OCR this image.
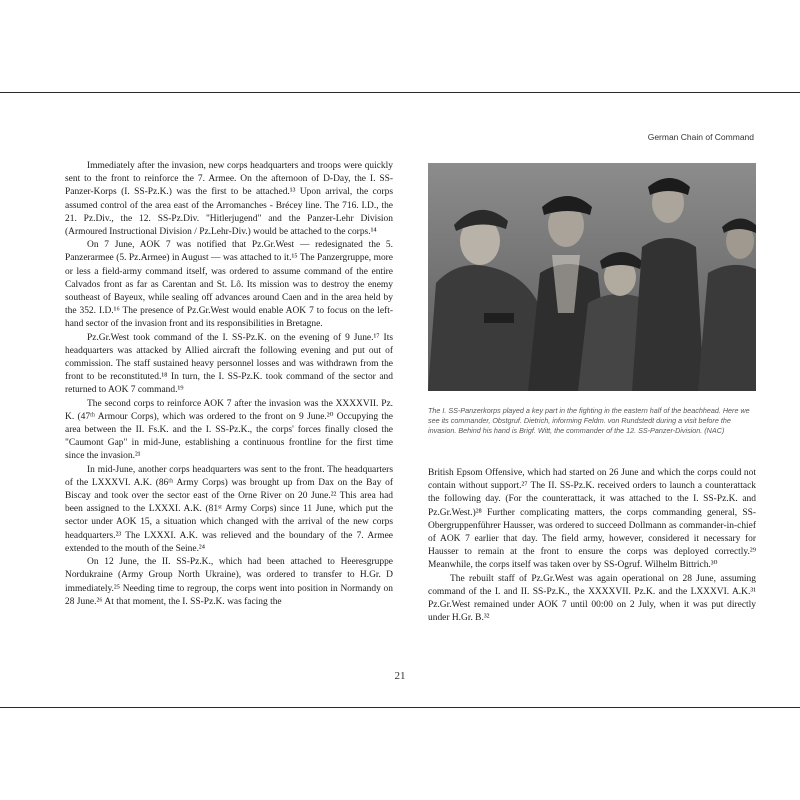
German Chain of Command

Immediately after the invasion, new corps headquarters and troops were quickly sent to the front to reinforce the 7. Armee. On the afternoon of D-Day, the I. SS-Panzer-Korps (I. SS-Pz.K.) was the first to be attached.¹³ Upon arrival, the corps assumed control of the area east of the Arromanches - Brécey line. The 716. I.D., the 21. Pz.Div., the 12. SS-Pz.Div. "Hitlerjugend" and the Panzer-Lehr Division (Armoured Instructional Division / Pz.Lehr-Div.) would be attached to the corps.¹⁴

On 7 June, AOK 7 was notified that Pz.Gr.West — redesignated the 5. Panzerarmee (5. Pz.Armee) in August — was attached to it.¹⁵ The Panzergruppe, more or less a field-army command itself, was ordered to assume command of the entire Calvados front as far as Carentan and St. Lô. Its mission was to destroy the enemy southeast of Bayeux, while sealing off advances around Caen and in the area held by the 352. I.D.¹⁶ The presence of Pz.Gr.West would enable AOK 7 to focus on the left-hand sector of the invasion front and its responsibilities in Bretagne.

Pz.Gr.West took command of the I. SS-Pz.K. on the evening of 9 June.¹⁷ Its headquarters was attacked by Allied aircraft the following evening and put out of commission. The staff sustained heavy personnel losses and was withdrawn from the front to be reconstituted.¹⁸ In turn, the I. SS-Pz.K. took command of the sector and returned to AOK 7 command.¹⁹

The second corps to reinforce AOK 7 after the invasion was the XXXXVII. Pz. K. (47ᵗʰ Armour Corps), which was ordered to the front on 9 June.²⁰ Occupying the area between the II. Fs.K. and the I. SS-Pz.K., the corps' forces finally closed the "Caumont Gap" in mid-June, establishing a continuous frontline for the first time since the invasion.²¹

In mid-June, another corps headquarters was sent to the front. The headquarters of the LXXXVI. A.K. (86ᵗʰ Army Corps) was brought up from Dax on the Bay of Biscay and took over the sector east of the Orne River on 20 June.²² This area had been assigned to the LXXXI. A.K. (81ˢᵗ Army Corps) since 11 June, which put the sector under AOK 15, a situation which changed with the arrival of the new corps headquarters.²³ The LXXXI. A.K. was relieved and the boundary of the 7. Armee extended to the mouth of the Seine.²⁴

On 12 June, the II. SS-Pz.K., which had been attached to Heeresgruppe Nordukraine (Army Group North Ukraine), was ordered to transfer to H.Gr. D immediately.²⁵ Needing time to regroup, the corps went into position in Normandy on 28 June.²⁶ At that moment, the I. SS-Pz.K. was facing the

The I. SS-Panzerkorps played a key part in the fighting in the eastern half of the beachhead. Here we see its commander, Obstgruf. Dietrich, informing Feldm. von Rundstedt during a visit before the invasion. Behind his hand is Brigf. Witt, the commander of the 12. SS-Panzer-Division. (NAC)

British Epsom Offensive, which had started on 26 June and which the corps could not contain without support.²⁷ The II. SS-Pz.K. received orders to launch a counterattack the following day. (For the counterattack, it was attached to the I. SS-Pz.K. and Pz.Gr.West.)²⁸ Further complicating matters, the corps commanding general, SS-Obergruppenführer Hausser, was ordered to succeed Dollmann as commander-in-chief of AOK 7 earlier that day. The field army, however, considered it necessary for Hausser to remain at the front to ensure the corps was deployed correctly.²⁹ Meanwhile, the corps itself was taken over by SS-Ogruf. Wilhelm Bittrich.³⁰

The rebuilt staff of Pz.Gr.West was again operational on 28 June, assuming command of the I. and II. SS-Pz.K., the XXXXVII. Pz.K. and the LXXXVI. A.K.³¹ Pz.Gr.West remained under AOK 7 until 00:00 on 2 July, when it was put directly under H.Gr. B.³²

21
